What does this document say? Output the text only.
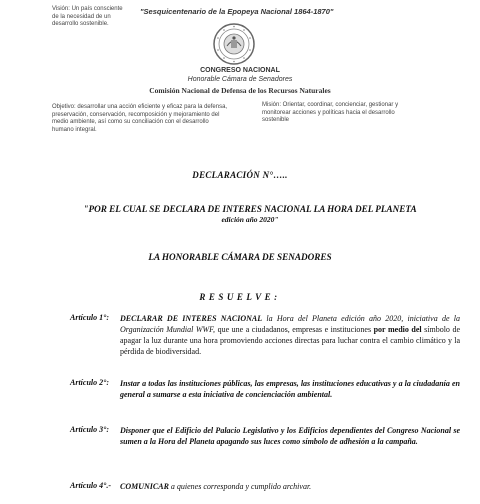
Visión: Un país consciente de la necesidad de un desarrollo sostenible.
"Sesquicentenario de la Epopeya Nacional 1864-1870"
CONGRESO NACIONAL
Honorable Cámara de Senadores
Comisión Nacional de Defensa de los Recursos Naturales
Objetivo: desarrollar una acción eficiente y eficaz para la defensa, preservación, conservación, recomposición y mejoramiento del medio ambiente, así como su conciliación con el desarrollo humano integral.
Misión: Orientar, coordinar, concienciar, gestionar y monitorear acciones y políticas hacia el desarrollo sostenible
DECLARACIÓN N°…..
"POR EL CUAL SE DECLARA DE INTERES NACIONAL LA HORA DEL PLANETA
edición año 2020"
LA HONORABLE CÁMARA DE SENADORES
RESUELVE:
Artículo 1°: DECLARAR DE INTERES NACIONAL la Hora del Planeta edición año 2020, iniciativa de la Organización Mundial WWF, que une a ciudadanos, empresas e instituciones por medio del símbolo de apagar la luz durante una hora promoviendo acciones directas para luchar contra el cambio climático y la pérdida de biodiversidad.
Artículo 2°: Instar a todas las instituciones públicas, las empresas, las instituciones educativas y a la ciudadanía en general a sumarse a esta iniciativa de concienciación ambiental.
Artículo 3°: Disponer que el Edificio del Palacio Legislativo y los Edificios dependientes del Congreso Nacional se sumen a la Hora del Planeta apagando sus luces como símbolo de adhesión a la campaña.
Artículo 4°.- COMUNICAR a quienes corresponda y cumplido archivar.
